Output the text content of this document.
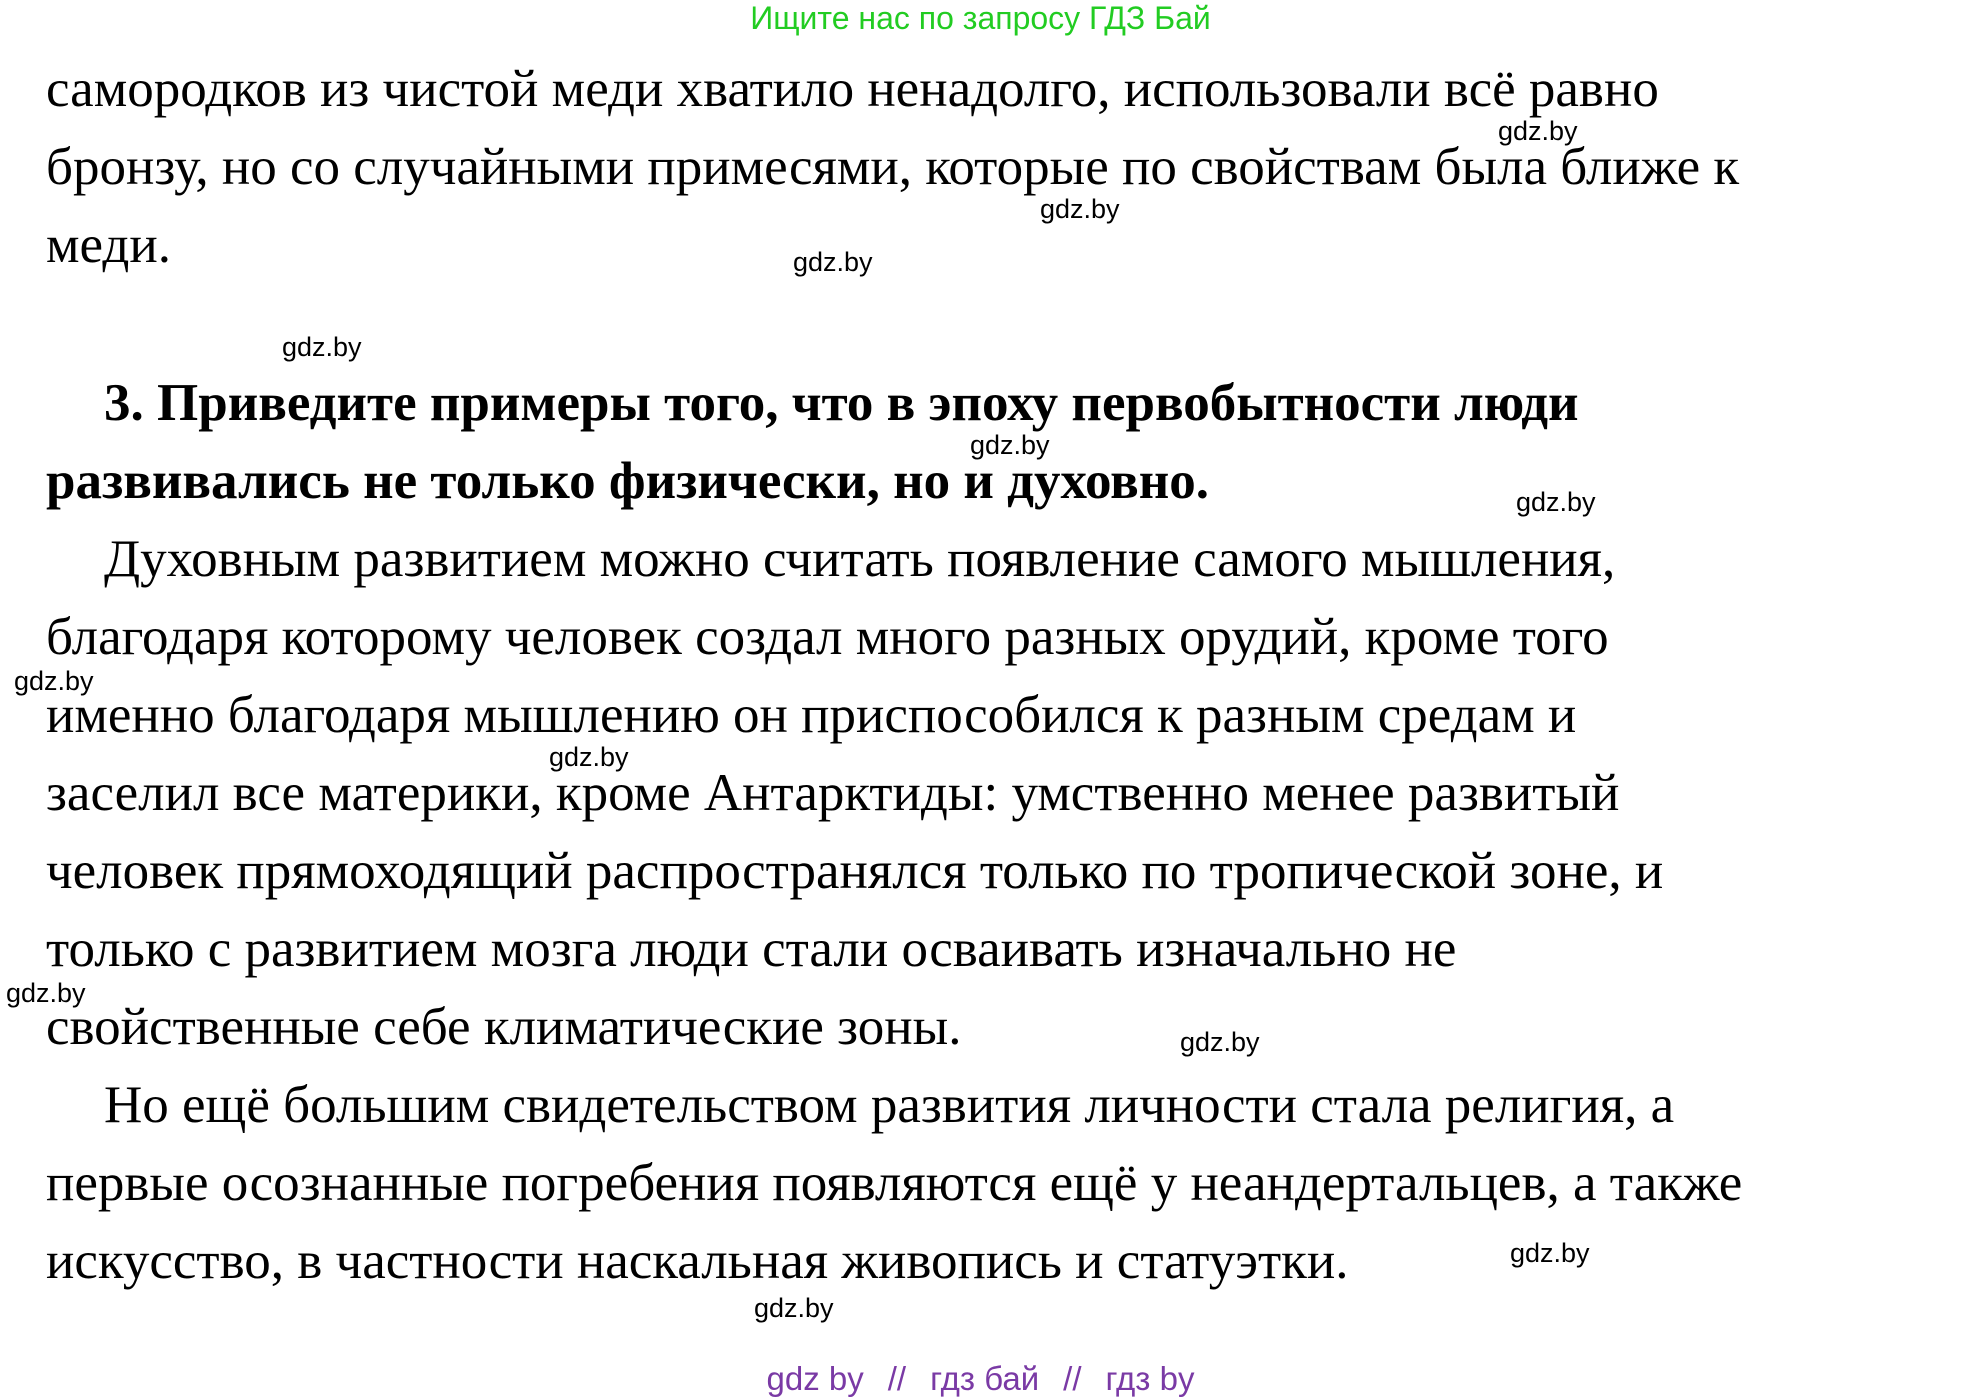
Ищите нас по запросу ГДЗ Бай
самородков из чистой меди хватило ненадолго, использовали всё равно
бронзу, но со случайными примесями, которые по свойствам была ближе к
меди.
3. Приведите примеры того, что в эпоху первобытности люди
развивались не только физически, но и духовно.
Духовным развитием можно считать появление самого мышления,
благодаря которому человек создал много разных орудий, кроме того
именно благодаря мышлению он приспособился к разным средам и
заселил все материки, кроме Антарктиды: умственно менее развитый
человек прямоходящий распространялся только по тропической зоне, и
только с развитием мозга люди стали осваивать изначально не
свойственные себе климатические зоны.
Но ещё большим свидетельством развития личности стала религия, а
первые осознанные погребения появляются ещё у неандертальцев, а также
искусство, в частности наскальная живопись и статуэтки.
gdz.by
gdz.by
gdz.by
gdz.by
gdz.by
gdz.by
gdz.by
gdz.by
gdz.by
gdz.by
gdz.by
gdz.by
gdz by // гдз бай // гдз by
